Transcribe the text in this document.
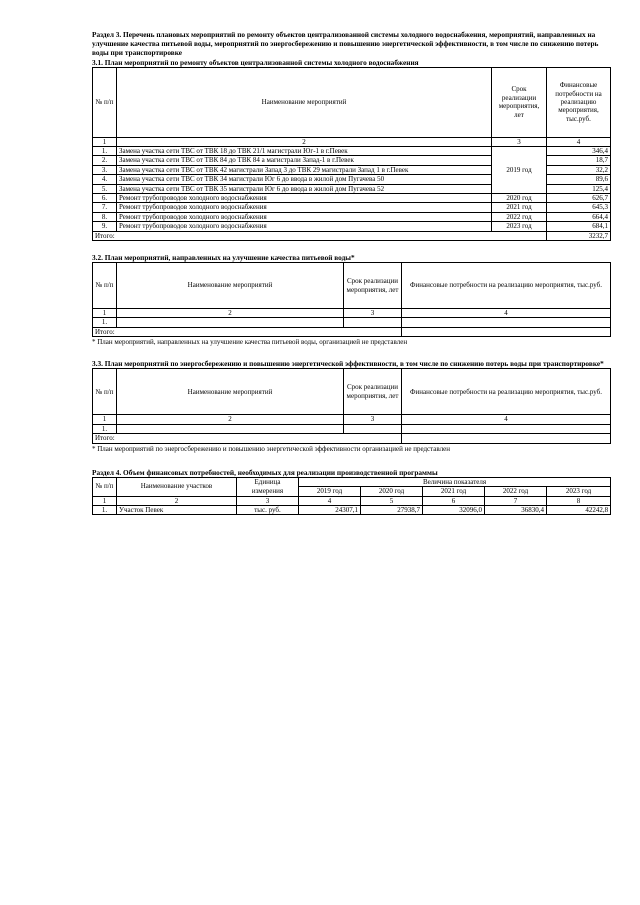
Раздел 3. Перечень плановых мероприятий по ремонту объектов централизованной системы холодного водоснабжения, мероприятий, направленных на улучшение качества питьевой воды, мероприятий по энергосбережению и повышению энергетической эффективности, в том числе по снижению потерь воды при транспортировке

3.1. План мероприятий по ремонту объектов централизованной системы холодного водоснабжения

№ п/п	Наименование мероприятий	Срок реализации мероприятия, лет	Финансовые потребности на реализацию мероприятия, тыс.руб.
1	2	3	4
1.	Замена участка сети ТВС от ТВК 18 до ТВК 21/1 магистрали Юг-1 в г.Певек	2019 год	346,4
2.	Замена участка сети ТВС от ТВК 84 до ТВК 84 а магистрали Запад-1 в г.Певек		18,7
3.	Замена участка сети ТВС от ТВК 42 магистрали Запад 3 до ТВК 29 магистрали Запад 1 в г.Певек		32,2
4.	Замена участка сети ТВС от ТВК 34 магистрали Юг 6 до ввода в жилой дом Пугачева 50		89,6
5.	Замена участка сети ТВС от ТВК 35 магистрали Юг 6 до ввода в жилой дом Пугачева 52		125,4
6.	Ремонт трубопроводов холодного водоснабжения	2020 год	626,7
7.	Ремонт трубопроводов холодного водоснабжения	2021 год	645,3
8.	Ремонт трубопроводов холодного водоснабжения	2022 год	664,4
9.	Ремонт трубопроводов холодного водоснабжения	2023 год	684,1
Итого:			3232,7

3.2. План мероприятий, направленных на улучшение качества питьевой воды*

№ п/п	Наименование мероприятий	Срок реализации мероприятия, лет	Финансовые потребности на реализацию мероприятия, тыс.руб.
1	2	3	4
1.			
Итого:			

* План мероприятий, направленных на улучшение качества питьевой воды, организацией не представлен

3.3. План мероприятий по энергосбережению и повышению энергетической эффективности, в том числе по снижению потерь воды при транспортировке*

№ п/п	Наименование мероприятий	Срок реализации мероприятия, лет	Финансовые потребности на реализацию мероприятия, тыс.руб.
1	2	3	4
1.			
Итого:			

* План мероприятий по энергосбережению и повышению энергетической эффективности организацией не представлен

Раздел 4. Объем финансовых потребностей, необходимых для реализации производственной программы

№ п/п	Наименование участков	Единица измерения	Величина показателя				
			2019 год	2020 год	2021 год	2022 год	2023 год
1	2	3	4	5	6	7	8
1.	Участок Певек	тыс. руб.	24307,1	27938,7	32096,0	36830,4	42242,8
